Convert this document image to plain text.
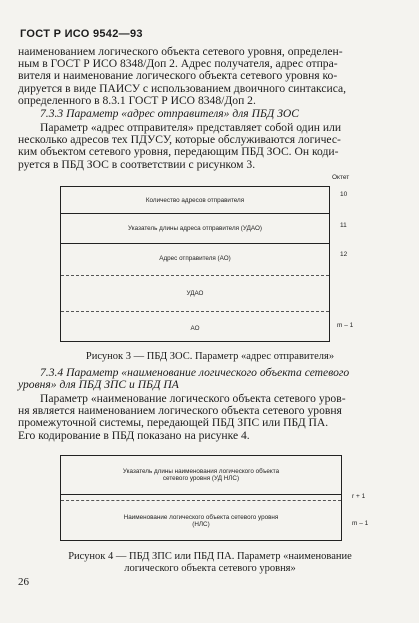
ГОСТ Р ИСО 9542—93
наименованием логического объекта сетевого уровня, определен-
ным в ГОСТ Р ИСО 8348/Доп 2. Адрес получателя, адрес отпра-
вителя и наименование логического объекта сетевого уровня ко-
дируется в виде ПАИСУ с использованием двоичного синтаксиса,
определенного в 8.3.1 ГОСТ Р ИСО 8348/Доп 2.
7.3.3 Параметр «адрес отправителя» для ПБД ЗОС
Параметр «адрес отправителя» представляет собой один или
несколько адресов тех ПДУСУ, которые обслуживаются логичес-
ким объектом сетевого уровня, передающим ПБД ЗОС. Он коди-
руется в ПБД ЗОС в соответствии с рисунком 3.
Октет
Количество адресов отправителя
Указатель длины адреса отправителя (УДАО)
Адрес отправителя (АО)
УДАО
АО
10
11
12
m – 1
Рисунок 3 — ПБД ЗОС. Параметр «адрес отправителя»
7.3.4 Параметр «наименование логического объекта сетевого
уровня» для ПБД ЗПС и ПБД ПА
Параметр «наименование логического объекта сетевого уров-
ня является наименованием логического объекта сетевого уровня
промежуточной системы, передающей ПБД ЗПС или ПБД ПА.
Его кодирование в ПБД показано на рисунке 4.
Указатель длины наименования логического объекта
сетевого уровня (УД НЛС)
Наименование логического объекта сетевого уровня
(НЛС)
r + 1
m – 1
Рисунок 4 — ПБД ЗПС или ПБД ПА. Параметр «наименование
логического объекта сетевого уровня»
26
